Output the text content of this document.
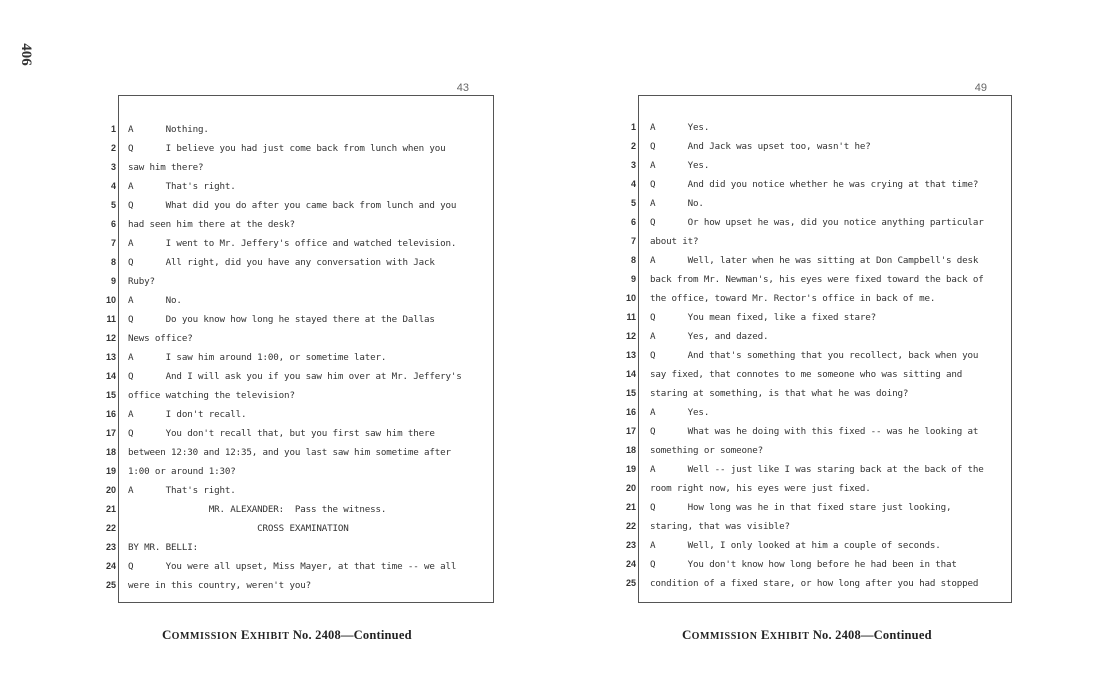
406
43
1
2
3
4
5
6
7
8
9
10
11
12
13
14
15
16
17
18
19
20
21
22
23
24
25
A      Nothing.
Q      I believe you had just come back from lunch when you
saw him there?
A      That's right.
Q      What did you do after you came back from lunch and you
had seen him there at the desk?
A      I went to Mr. Jeffery's office and watched television.
Q      All right, did you have any conversation with Jack
Ruby?
A      No.
Q      Do you know how long he stayed there at the Dallas
News office?
A      I saw him around 1:00, or sometime later.
Q      And I will ask you if you saw him over at Mr. Jeffery's
office watching the television?
A      I don't recall.
Q      You don't recall that, but you first saw him there
between 12:30 and 12:35, and you last saw him sometime after
1:00 or around 1:30?
A      That's right.
MR. ALEXANDER:  Pass the witness.
CROSS EXAMINATION
BY MR. BELLI:
Q      You were all upset, Miss Mayer, at that time -- we all
were in this country, weren't you?
49
1
2
3
4
5
6
7
8
9
10
11
12
13
14
15
16
17
18
19
20
21
22
23
24
25
A      Yes.
Q      And Jack was upset too, wasn't he?
A      Yes.
Q      And did you notice whether he was crying at that time?
A      No.
Q      Or how upset he was, did you notice anything particular
about it?
A      Well, later when he was sitting at Don Campbell's desk
back from Mr. Newman's, his eyes were fixed toward the back of
the office, toward Mr. Rector's office in back of me.
Q      You mean fixed, like a fixed stare?
A      Yes, and dazed.
Q      And that's something that you recollect, back when you
say fixed, that connotes to me someone who was sitting and
staring at something, is that what he was doing?
A      Yes.
Q      What was he doing with this fixed -- was he looking at
something or someone?
A      Well -- just like I was staring back at the back of the
room right now, his eyes were just fixed.
Q      How long was he in that fixed stare just looking,
staring, that was visible?
A      Well, I only looked at him a couple of seconds.
Q      You don't know how long before he had been in that
condition of a fixed stare, or how long after you had stopped
COMMISSION EXHIBIT No. 2408—Continued	COMMISSION EXHIBIT No. 2408—Continued
